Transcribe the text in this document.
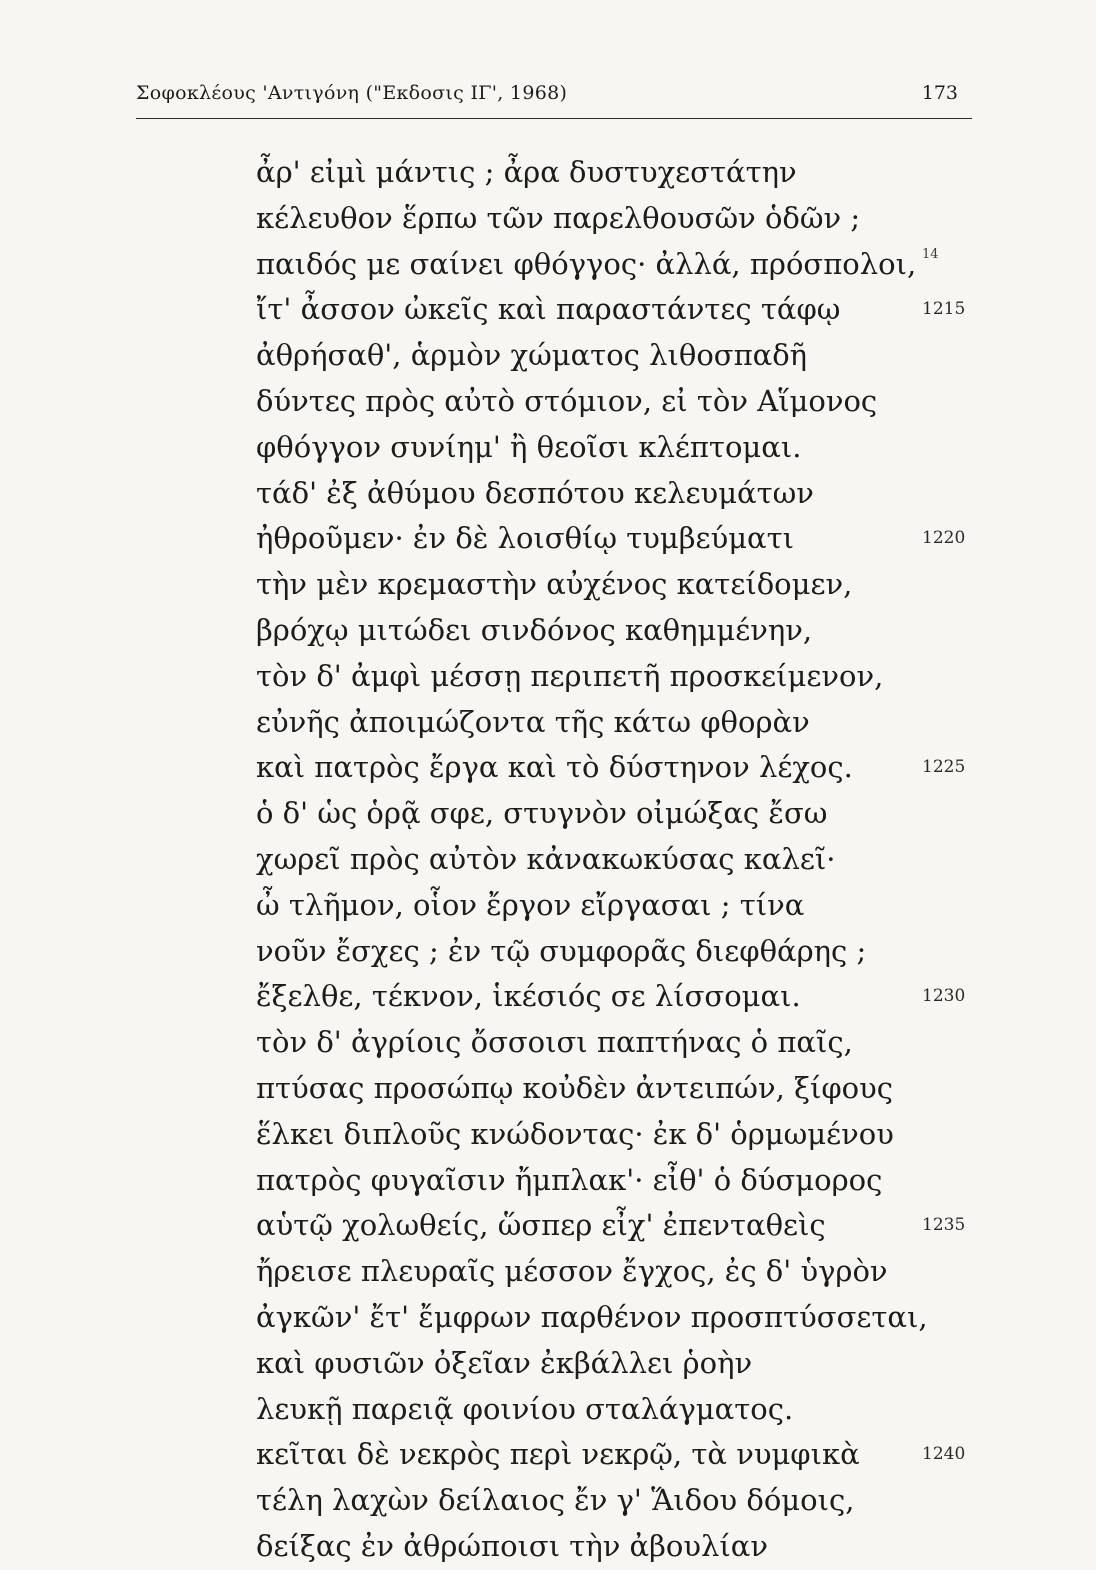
Σοφοκλέους 'Αντιγόνη ("Εκδοσις ΙΓ', 1968)	173
ἆρ' εἰμὶ μάντις ; ἆρα δυστυχεστάτην
κέλευθον ἕρπω τῶν παρελθουσῶν ὁδῶν ;
παιδός με σαίνει φθόγγος· ἀλλά, πρόσπολοι, 14
ἴτ' ἆσσον ὠκεῖς καὶ παραστάντες τάφῳ	1215
ἀθρήσαθ', ἁρμὸν χώματος λιθοσπαδῆ
δύντες πρὸς αὐτὸ στόμιον, εἰ τὸν Αἵμονος
φθόγγον συνίημ' ἢ θεοῖσι κλέπτομαι.
τάδ' ἐξ ἀθύμου δεσπότου κελευμάτων
ἠθροῦμεν· ἐν δὲ λοισθίῳ τυμβεύματι	1220
τὴν μὲν κρεμαστὴν αὐχένος κατείδομεν,
βρόχῳ μιτώδει σινδόνος καθημμένην,
τὸν δ' ἀμφὶ μέσσῃ περιπετῆ προσκείμενον,
εὐνῆς ἀποιμώζοντα τῆς κάτω φθορὰν
καὶ πατρὸς ἔργα καὶ τὸ δύστηνον λέχος.	1225
ὁ δ' ὡς ὁρᾷ σφε, στυγνὸν οἰμώξας ἔσω
χωρεῖ πρὸς αὐτὸν κἀνακωκύσας καλεῖ·
ὦ τλῆμον, οἷον ἔργον εἴργασαι ; τίνα
νοῦν ἔσχες ; ἐν τῷ συμφορᾶς διεφθάρης ;
ἔξελθε, τέκνον, ἱκέσιός σε λίσσομαι.	1230
τὸν δ' ἀγρίοις ὄσσοισι παπτήνας ὁ παῖς,
πτύσας προσώπῳ κοὐδὲν ἀντειπών, ξίφους
ἕλκει διπλοῦς κνώδοντας· ἐκ δ' ὁρμωμένου
πατρὸς φυγαῖσιν ἤμπλακ'· εἶθ' ὁ δύσμορος
αὑτῷ χολωθείς, ὥσπερ εἶχ' ἐπενταθεὶς	1235
ἤρεισε πλευραῖς μέσσον ἔγχος, ἐς δ' ὑγρὸν
ἀγκῶν' ἔτ' ἔμφρων παρθένον προσπτύσσεται,
καὶ φυσιῶν ὀξεῖαν ἐκβάλλει ῥοὴν
λευκῇ παρειᾷ φοινίου σταλάγματος.
κεῖται δὲ νεκρὸς περὶ νεκρῷ, τὰ νυμφικὰ	1240
τέλη λαχὼν δείλαιος ἔν γ' Ἅιδου δόμοις,
δείξας ἐν ἀθρώποισι τὴν ἀβουλίαν
